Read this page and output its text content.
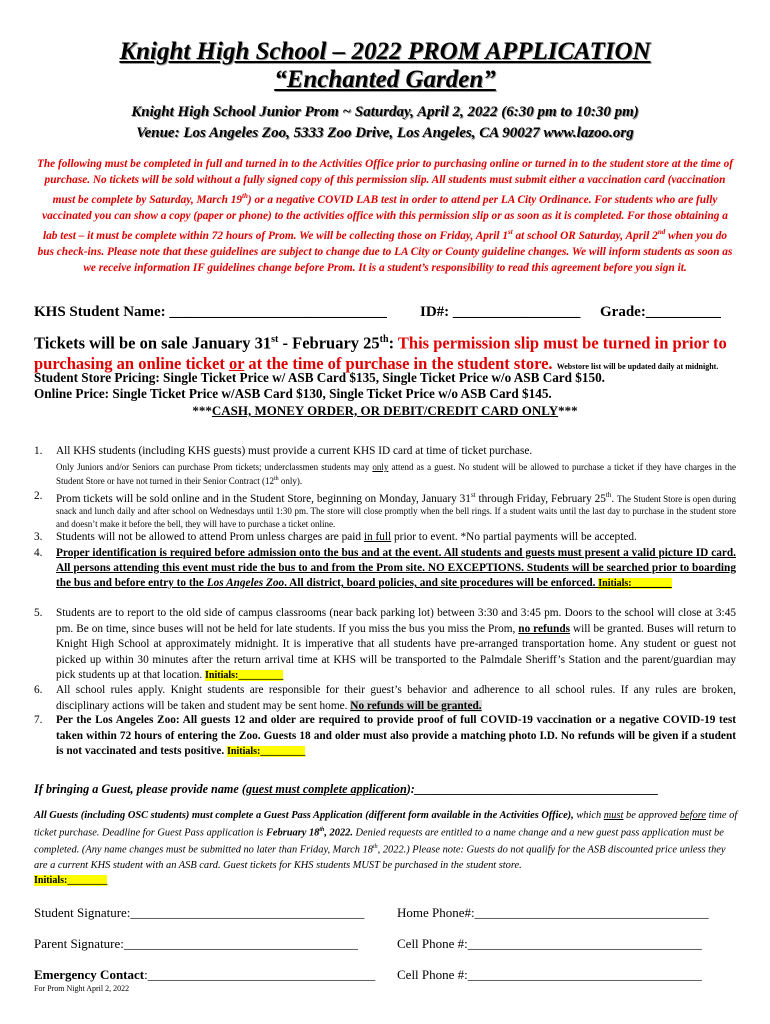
Knight High School – 2022 PROM APPLICATION
“Enchanted Garden”
Knight High School Junior Prom ~ Saturday, April 2, 2022 (6:30 pm to 10:30 pm)
Venue: Los Angeles Zoo, 5333 Zoo Drive, Los Angeles, CA 90027 www.lazoo.org
The following must be completed in full and turned in to the Activities Office prior to purchasing online or turned in to the student store at the time of purchase. No tickets will be sold without a fully signed copy of this permission slip. All students must submit either a vaccination card (vaccination must be complete by Saturday, March 19th) or a negative COVID LAB test in order to attend per LA City Ordinance. For students who are fully vaccinated you can show a copy (paper or phone) to the activities office with this permission slip or as soon as it is completed. For those obtaining a lab test – it must be complete within 72 hours of Prom. We will be collecting those on Friday, April 1st at school OR Saturday, April 2nd when you do bus check-ins. Please note that these guidelines are subject to change due to LA City or County guideline changes. We will inform students as soon as we receive information IF guidelines change before Prom. It is a student’s responsibility to read this agreement before you sign it.
KHS Student Name: _____________________________ ID#: _________________ Grade:__________
Tickets will be on sale January 31st - February 25th: This permission slip must be turned in prior to purchasing an online ticket or at the time of purchase in the student store. Webstore list will be updated daily at midnight.
Student Store Pricing: Single Ticket Price w/ ASB Card $135, Single Ticket Price w/o ASB Card $150.
Online Price: Single Ticket Price w/ASB Card $130, Single Ticket Price w/o ASB Card $145.
***CASH, MONEY ORDER, OR DEBIT/CREDIT CARD ONLY***
1.	All KHS students (including KHS guests) must provide a current KHS ID card at time of ticket purchase.
Only Juniors and/or Seniors can purchase Prom tickets; underclassmen students may only attend as a guest. No student will be allowed to purchase a ticket if they have charges in the Student Store or have not turned in their Senior Contract (12th only).
2.	Prom tickets will be sold online and in the Student Store, beginning on Monday, January 31st through Friday, February 25th. The Student Store is open during snack and lunch daily and after school on Wednesdays until 1:30 pm. The store will close promptly when the bell rings. If a student waits until the last day to purchase in the student store and doesn’t make it before the bell, they will have to purchase a ticket online.
3.	Students will not be allowed to attend Prom unless charges are paid in full prior to event. *No partial payments will be accepted.
4.	Proper identification is required before admission onto the bus and at the event. All students and guests must present a valid picture ID card. All persons attending this event must ride the bus to and from the Prom site. NO EXCEPTIONS. Students will be searched prior to boarding the bus and before entry to the Los Angeles Zoo. All district, board policies, and site procedures will be enforced. Initials:________
5.	Students are to report to the old side of campus classrooms (near back parking lot) between 3:30 and 3:45 pm. Doors to the school will close at 3:45 pm. Be on time, since buses will not be held for late students. If you miss the bus you miss the Prom, no refunds will be granted. Buses will return to Knight High School at approximately midnight. It is imperative that all students have pre-arranged transportation home. Any student or guest not picked up within 30 minutes after the return arrival time at KHS will be transported to the Palmdale Sheriff’s Station and the parent/guardian may pick students up at that location. Initials:_________
6.	All school rules apply. Knight students are responsible for their guest’s behavior and adherence to all school rules. If any rules are broken, disciplinary actions will be taken and student may be sent home. No refunds will be granted.
7.	Per the Los Angeles Zoo: All guests 12 and older are required to provide proof of full COVID-19 vaccination or a negative COVID-19 test taken within 72 hours of entering the Zoo. Guests 18 and older must also provide a matching photo I.D. No refunds will be given if a student is not vaccinated and tests positive. Initials:_________
If bringing a Guest, please provide name (guest must complete application):________________________________________
All Guests (including OSC students) must complete a Guest Pass Application (different form available in the Activities Office), which must be approved before time of ticket purchase. Deadline for Guest Pass application is February 18th, 2022. Denied requests are entitled to a name change and a new guest pass application must be completed. (Any name changes must be submitted no later than Friday, March 18th, 2022.) Please note: Guests do not qualify for the ASB discounted price unless they are a current KHS student with an ASB card. Guest tickets for KHS students MUST be purchased in the student store.
Initials:________
Student Signature:____________________________________	Home Phone#:____________________________________
Parent Signature:____________________________________	Cell Phone #:____________________________________
Emergency Contact:___________________________________ Cell Phone #:____________________________________
For Prom Night April 2, 2022
